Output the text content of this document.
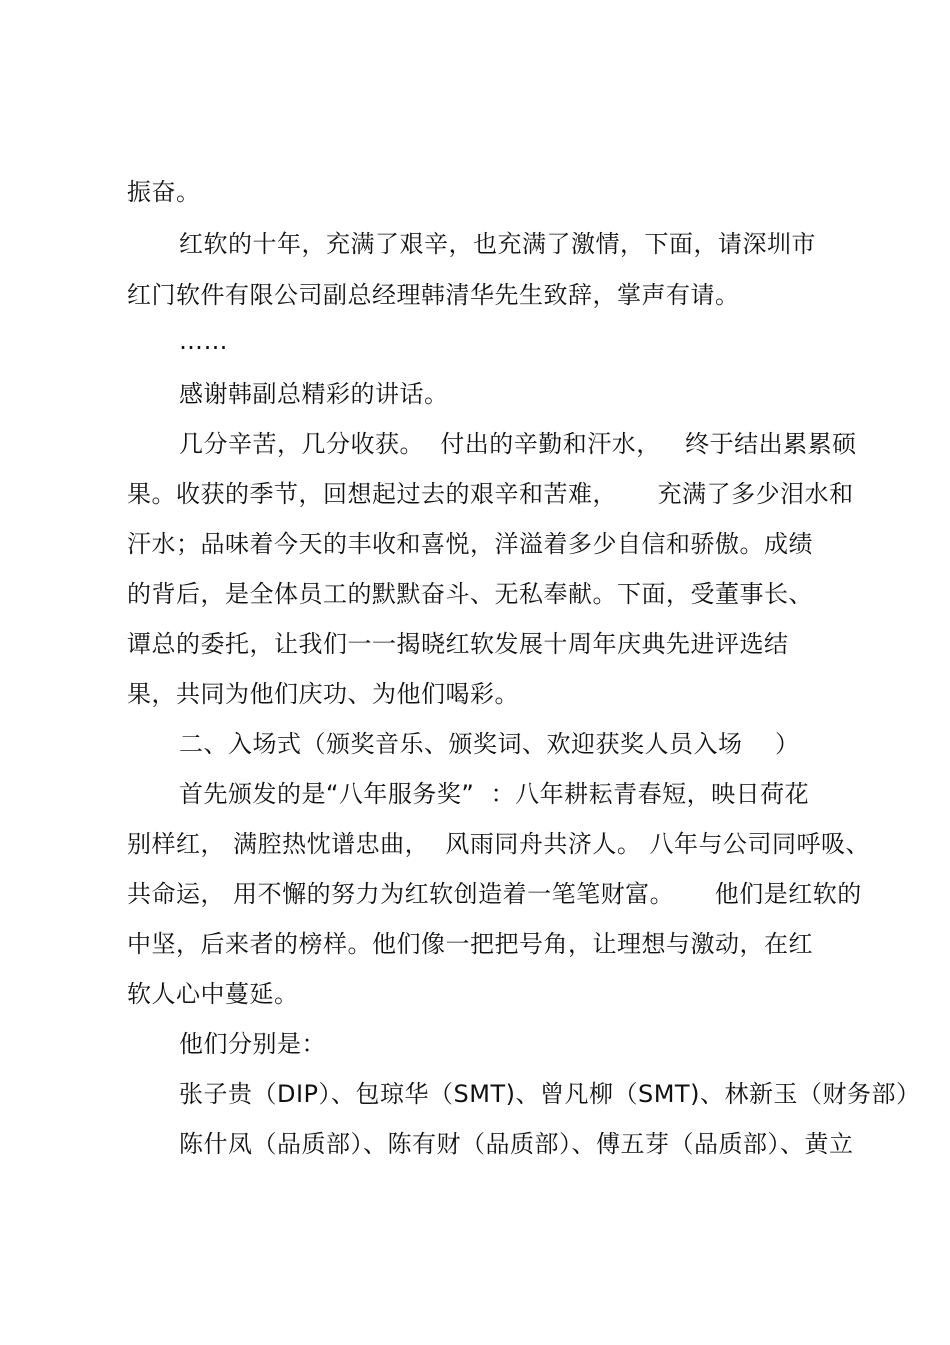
振奋。
红软的十年，充满了艰辛，也充满了激情，下面，请深圳市
红门软件有限公司副总经理韩清华先生致辞，掌声有请。
……
感谢韩副总精彩的讲话。
几分辛苦，几分收获。  付出的辛勤和汗水，   终于结出累累硕
果。收获的季节，回想起过去的艰辛和苦难，     充满了多少泪水和
汗水；品味着今天的丰收和喜悦，洋溢着多少自信和骄傲。成绩
的背后，是全体员工的默默奋斗、无私奉献。下面，受董事长、
谭总的委托，让我们一一揭晓红软发展十周年庆典先进评选结
果，共同为他们庆功、为他们喝彩。
二、入场式（颁奖音乐、颁奖词、欢迎获奖人员入场    ）
首先颁发的是“八年服务奖”  ：八年耕耘青春短，映日荷花
别样红， 满腔热忱谱忠曲，  风雨同舟共济人。 八年与公司同呼吸、
共命运， 用不懈的努力为红软创造着一笔笔财富。     他们是红软的
中坚，后来者的榜样。他们像一把把号角，让理想与激动，在红
软人心中蔓延。
他们分别是：
张子贵（DIP）、包琼华（SMT)、曾凡柳（SMT)、林新玉（财务部）
陈什凤（品质部）、陈有财（品质部）、傅五芽（品质部）、黄立
